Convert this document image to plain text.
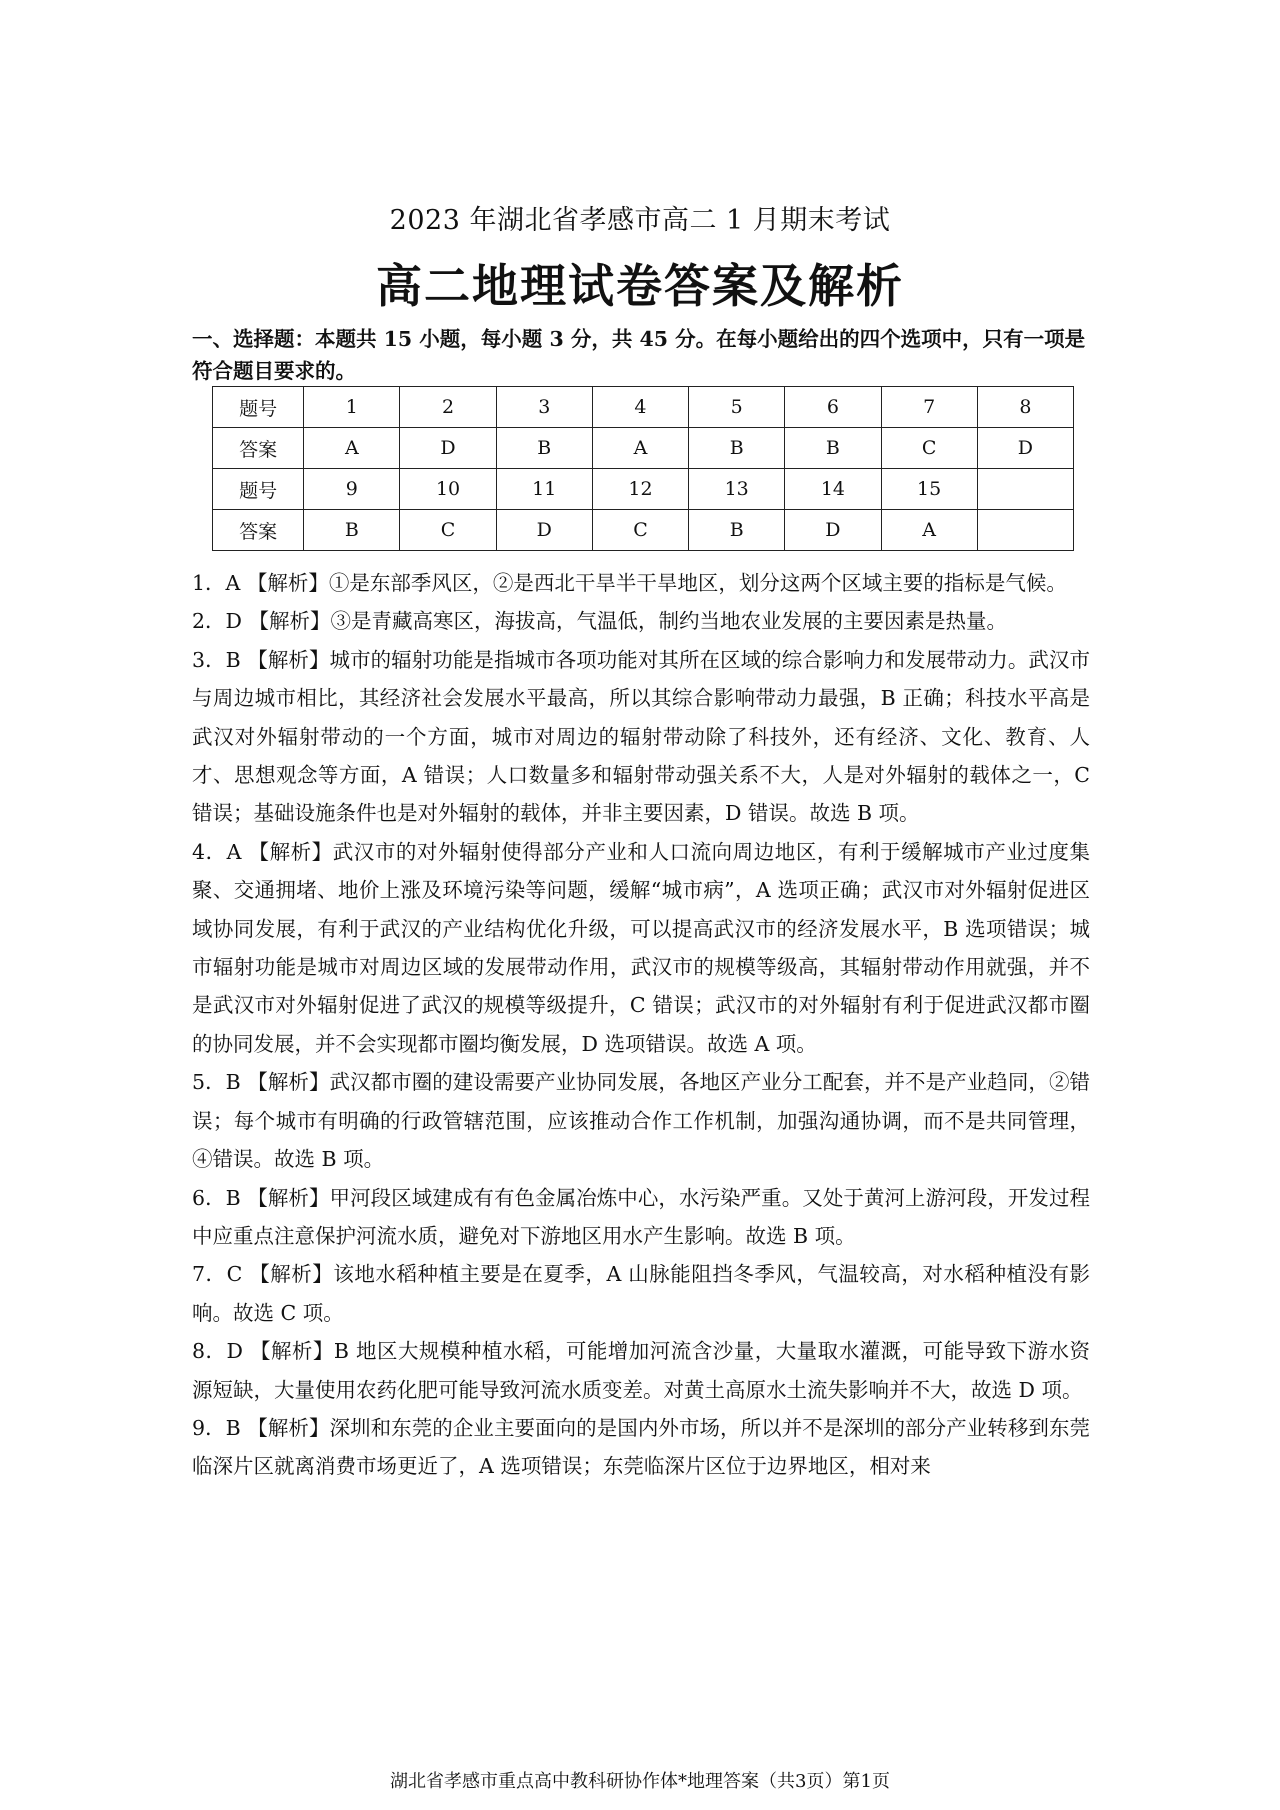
2023 年湖北省孝感市高二 1 月期末考试
高二地理试卷答案及解析
一、选择题：本题共 15 小题，每小题 3 分，共 45 分。在每小题给出的四个选项中，只有一项是符合题目要求的。
题号	1	2	3	4	5	6	7	8
答案	A	D	B	A	B	B	C	D
题号	9	10	11	12	13	14	15	
答案	B	C	D	C	B	D	A	

1．A 【解析】①是东部季风区，②是西北干旱半干旱地区，划分这两个区域主要的指标是气候。

2．D 【解析】③是青藏高寒区，海拔高，气温低，制约当地农业发展的主要因素是热量。

3．B 【解析】城市的辐射功能是指城市各项功能对其所在区域的综合影响力和发展带动力。武汉市与周边城市相比，其经济社会发展水平最高，所以其综合影响带动力最强，B 正确；科技水平高是武汉对外辐射带动的一个方面，城市对周边的辐射带动除了科技外，还有经济、文化、教育、人才、思想观念等方面，A 错误；人口数量多和辐射带动强关系不大，人是对外辐射的载体之一，C 错误；基础设施条件也是对外辐射的载体，并非主要因素，D 错误。故选 B 项。

4．A 【解析】武汉市的对外辐射使得部分产业和人口流向周边地区，有利于缓解城市产业过度集聚、交通拥堵、地价上涨及环境污染等问题，缓解“城市病”，A 选项正确；武汉市对外辐射促进区域协同发展，有利于武汉的产业结构优化升级，可以提高武汉市的经济发展水平，B 选项错误；城市辐射功能是城市对周边区域的发展带动作用，武汉市的规模等级高，其辐射带动作用就强，并不是武汉市对外辐射促进了武汉的规模等级提升，C 错误；武汉市的对外辐射有利于促进武汉都市圈的协同发展，并不会实现都市圈均衡发展，D 选项错误。故选 A 项。

5．B 【解析】武汉都市圈的建设需要产业协同发展，各地区产业分工配套，并不是产业趋同，②错误；每个城市有明确的行政管辖范围，应该推动合作工作机制，加强沟通协调，而不是共同管理，④错误。故选 B 项。

6．B 【解析】甲河段区域建成有有色金属冶炼中心，水污染严重。又处于黄河上游河段，开发过程中应重点注意保护河流水质，避免对下游地区用水产生影响。故选 B 项。

7．C 【解析】该地水稻种植主要是在夏季，A 山脉能阻挡冬季风，气温较高，对水稻种植没有影响。故选 C 项。

8．D 【解析】B 地区大规模种植水稻，可能增加河流含沙量，大量取水灌溉，可能导致下游水资源短缺，大量使用农药化肥可能导致河流水质变差。对黄土高原水土流失影响并不大，故选 D 项。

9．B 【解析】深圳和东莞的企业主要面向的是国内外市场，所以并不是深圳的部分产业转移到东莞临深片区就离消费市场更近了，A 选项错误；东莞临深片区位于边界地区，相对来

湖北省孝感市重点高中教科研协作体*地理答案（共3页）第1页
